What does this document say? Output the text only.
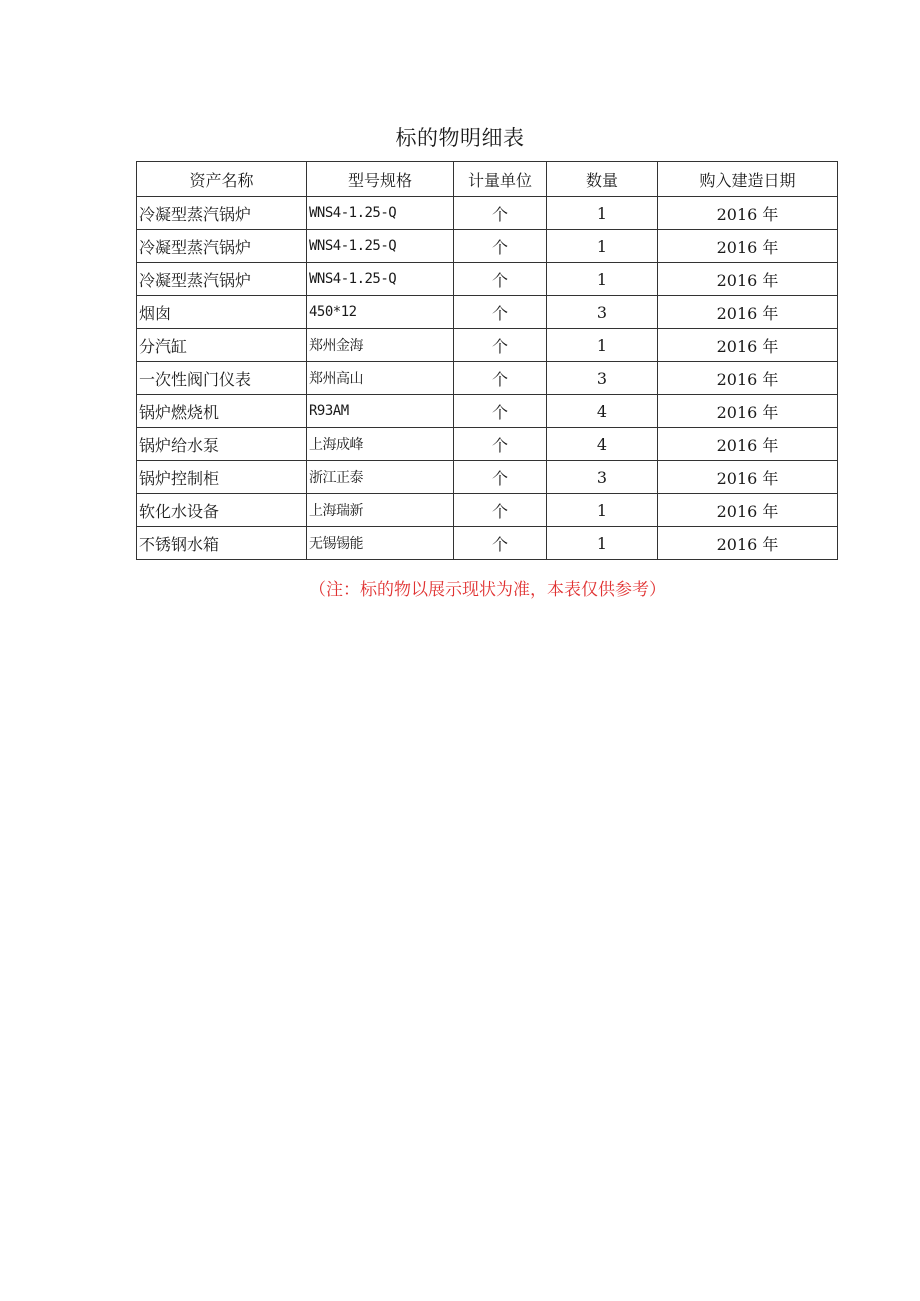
标的物明细表
资产名称	型号规格	计量单位	数量	购入建造日期
冷凝型蒸汽锅炉	WNS4-1.25-Q	个	1	2016 年
冷凝型蒸汽锅炉	WNS4-1.25-Q	个	1	2016 年
冷凝型蒸汽锅炉	WNS4-1.25-Q	个	1	2016 年
烟囱	450*12	个	3	2016 年
分汽缸	郑州金海	个	1	2016 年
一次性阀门仪表	郑州高山	个	3	2016 年
锅炉燃烧机	R93AM	个	4	2016 年
锅炉给水泵	上海成峰	个	4	2016 年
锅炉控制柜	浙江正泰	个	3	2016 年
软化水设备	上海瑞新	个	1	2016 年
不锈钢水箱	无锡锡能	个	1	2016 年
（注：标的物以展示现状为准，本表仅供参考）
